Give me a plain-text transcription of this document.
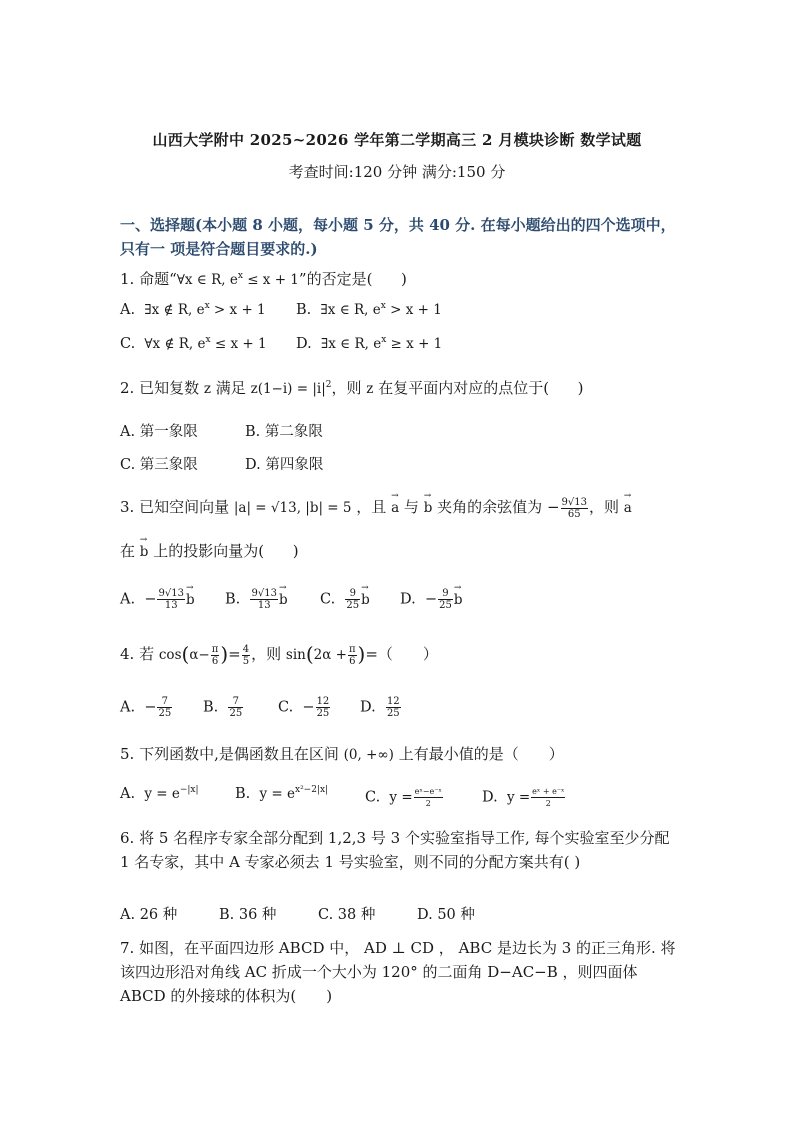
山西大学附中 2025~2026 学年第二学期高三 2 月模块诊断 数学试题
考查时间:120 分钟 满分:150 分
一、选择题(本小题 8 小题，每小题 5 分，共 40 分. 在每小题给出的四个选项中，只有一 项是符合题目要求的.)
1. 命题“∀x ∈ R, $e^x \le x + 1$”的否定是( )
A. ∃x ∉ R, $e^x > x + 1$ B. ∃x ∈ R, $e^x > x + 1$
C. ∀x ∉ R, $e^x \le x + 1$ D. ∃x ∈ R, $e^x \ge x + 1$
2. 已知复数 z 满足 $z(1-i) = |i|^2$，则 z 在复平面内对应的点位于( )
A. 第一象限	B. 第二象限
C. 第三象限	D. 第四象限
3. 已知空间向量 |a| = √13, |b| = 5 ，且 → a 与 → b 夹角的余弦值为 − $\frac{9√13}{65}$ ，则 → a
在 → b 上的投影向量为( )
A. − $\frac{9√13}{13}$
→ b B. $\frac{9√13}{13}$
→ b C. $\frac{9}{25}$
→ b D. − $\frac{9}{25}$
→ b
4. 若 $\cos(\alpha- \frac{\pi}{6}$ )= $\frac{4}{5}$ ，则 $\sin(2\alpha + \frac{\pi}{6}$ )=（　　）
A. − $\frac{7}{25} B$. $\frac{7}{25} C$. − $\frac{12}{25} D$. $\frac{12}{25}$
5. 下列函数中,是偶函数且在区间 (0, +∞) 上有最小值的是（　　）
A. $y = e^{-|x|}$	B. $y = e^{x^2-2|x|}$	C. $y = \frac{\text{eˣ−e⁻ˣ}}{2}$	D. $y = \frac{\text{eˣ + e⁻ˣ}}{2}$
6. 将 5 名程序专家全部分配到 1,2,3 号 3 个实验室指导工作, 每个实验室至少分配 1 名专家，其中 A 专家必须去 1 号实验室，则不同的分配方案共有( )
A. 26 种	B. 36 种	C. 38 种	D. 50 种
7. 如图，在平面四边形 ABCD 中， AD ⊥ CD ， ABC 是边长为 3 的正三角形. 将该四边形沿对角线 AC 折成一个大小为 120° 的二面角 D−AC−B ，则四面体 ABCD 的外接球的体积为(　　)
